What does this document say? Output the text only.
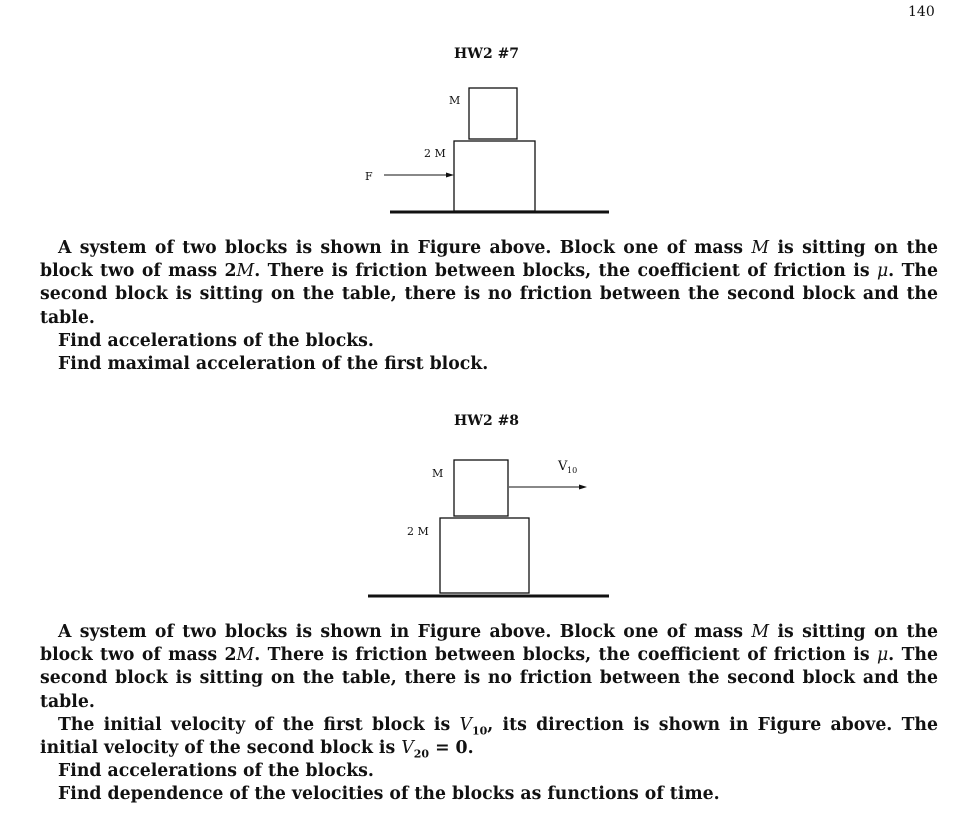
140
HW2 #7
M
2 M
F

A system of two blocks is shown in Figure above. Block one of mass M is sitting on the block two of mass 2M. There is friction between blocks, the coefficient of friction is μ. The second block is sitting on the table, there is no friction between the second block and the table.

Find accelerations of the blocks.

Find maximal acceleration of the first block.

HW2 #8
M
2 M
V 10

A system of two blocks is shown in Figure above. Block one of mass M is sitting on the block two of mass 2M. There is friction between blocks, the coefficient of friction is μ. The second block is sitting on the table, there is no friction between the second block and the table.

The initial velocity of the first block is $V_{10}$, its direction is shown in Figure above. The initial velocity of the second block is $V_{20} = 0$.

Find accelerations of the blocks.

Find dependence of the velocities of the blocks as functions of time.
